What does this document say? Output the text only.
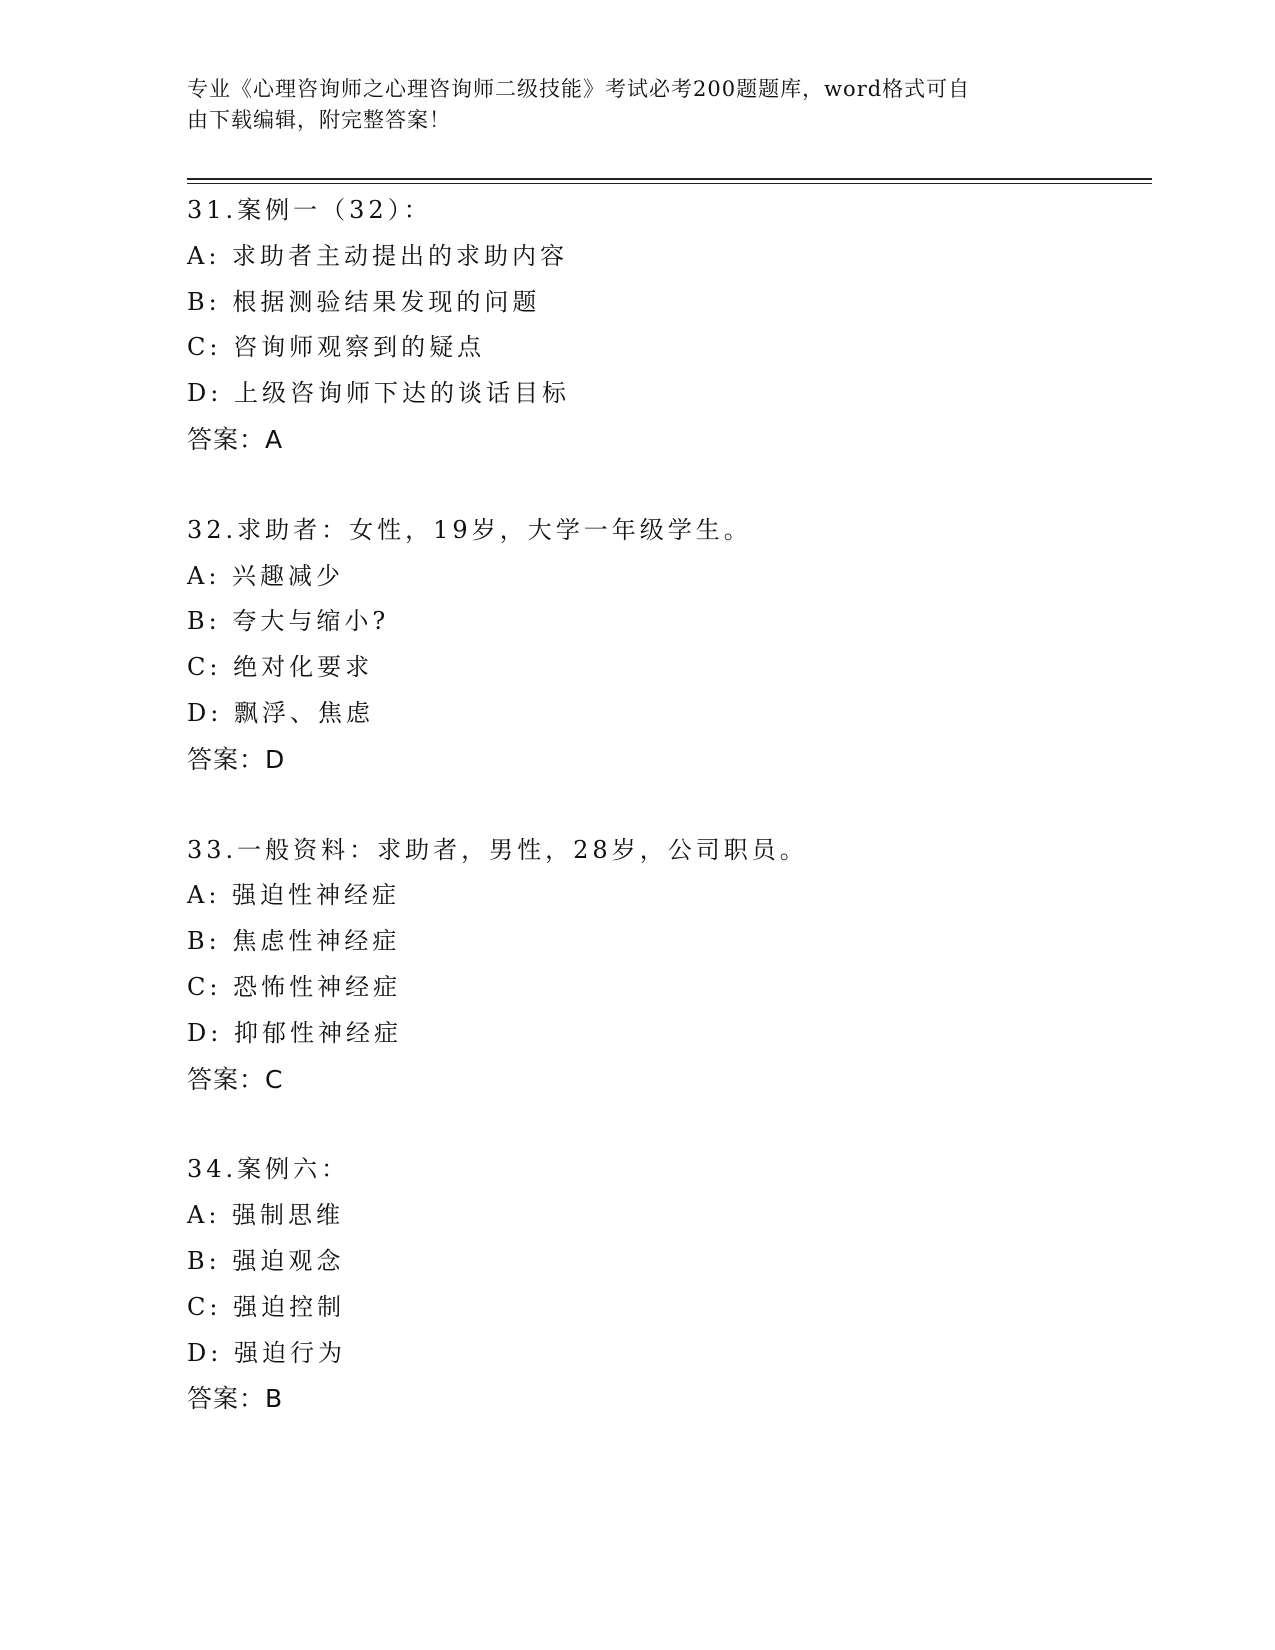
专业《心理咨询师之心理咨询师二级技能》考试必考200题题库，word格式可自
由下载编辑，附完整答案！
31.案例一（32）：
A: 求助者主动提出的求助内容
B: 根据测验结果发现的问题
C: 咨询师观察到的疑点
D: 上级咨询师下达的谈话目标
答案：A
32.求助者：女性，19岁，大学一年级学生。
A: 兴趣减少
B: 夸大与缩小?
C: 绝对化要求
D: 飘浮、焦虑
答案：D
33.一般资料：求助者，男性，28岁，公司职员。
A: 强迫性神经症
B: 焦虑性神经症
C: 恐怖性神经症
D: 抑郁性神经症
答案：C
34.案例六：
A: 强制思维
B: 强迫观念
C: 强迫控制
D: 强迫行为
答案：B
